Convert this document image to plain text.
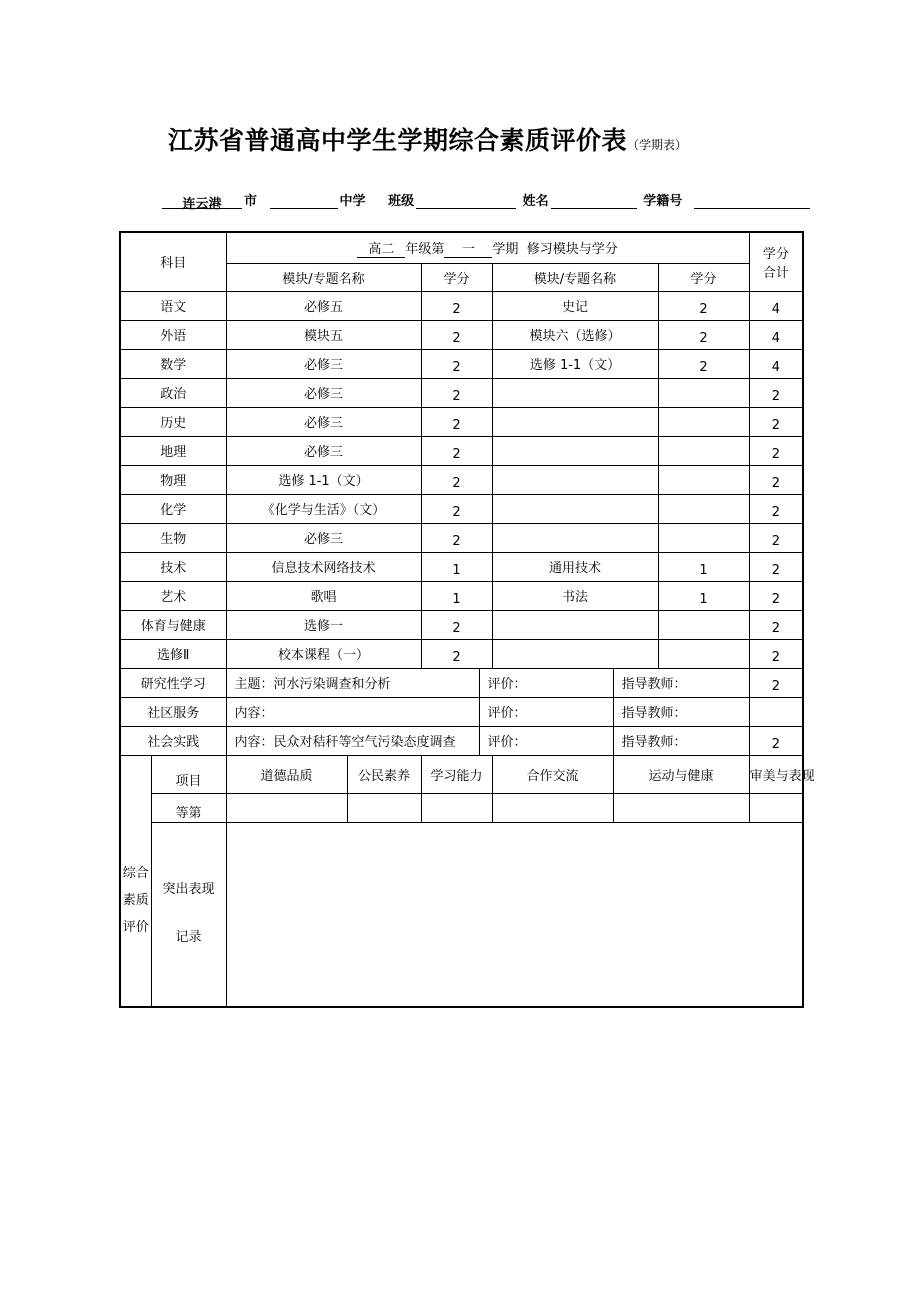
江苏省普通高中学生学期综合素质评价表（学期表）
连云港 市	中学 班级	姓名	学籍号
科目		高二 年级第 一 学期 修习模块与学分							学分
合计
		模块/专题名称		学分		模块/专题名称		学分	
语文		必修五		2		史记		2	4
外语		模块五		2		模块六（选修）		2	4
数学		必修三		2		选修 1-1（文）		2	4
政治		必修三		2					2
历史		必修三		2					2
地理		必修三		2					2
物理		选修 1-1（文）		2					2
化学		《化学与生活》（文）		2					2
生物		必修三		2					2
技术		信息技术网络技术		1		通用技术		1	2
艺术		歌唱		1		书法		1	2
体育与健康		选修一		2					2
选修Ⅱ		校本课程（一）		2					2
研究性学习		主题：河水污染调查和分析			评价：		指导教师：		2
社区服务		内容：			评价：		指导教师：		
社会实践		内容：民众对秸秆等空气污染态度调查			评价：		指导教师：		2
综合
素质
评价	项目	道德品质	公民素养	学习能力		合作交流	运动与健康		审美与表现
	等第								
	突出表现

记录								
